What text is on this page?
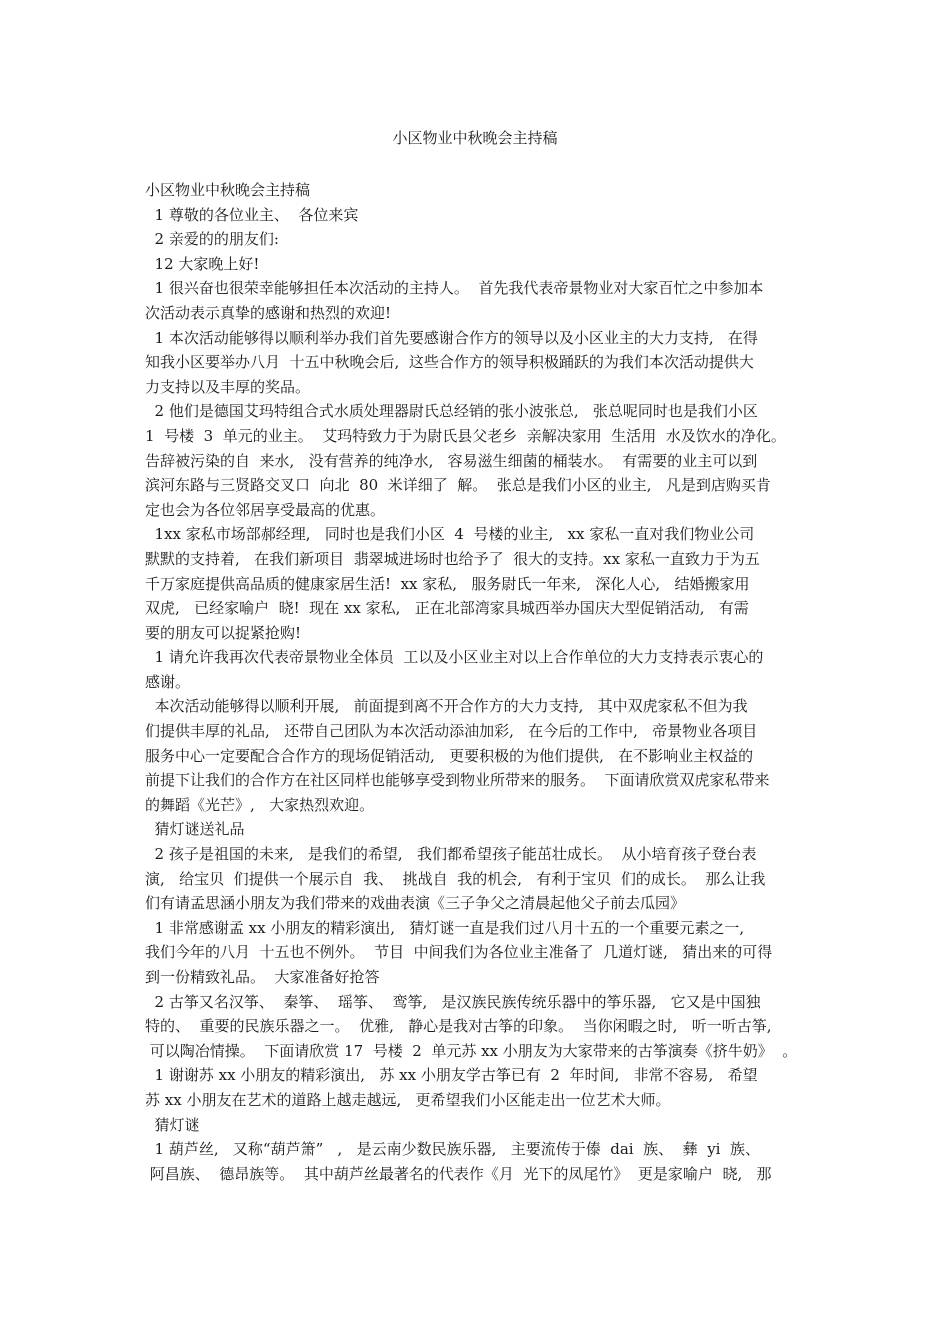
小区物业中秋晚会主持稿
小区物业中秋晚会主持稿
1 尊敬的各位业主、  各位来宾
2 亲爱的的朋友们:
12 大家晚上好!
1 很兴奋也很荣幸能够担任本次活动的主持人。  首先我代表帝景物业对大家百忙之中参加本
次活动表示真挚的感谢和热烈的欢迎!
1 本次活动能够得以顺利举办我们首先要感谢合作方的领导以及小区业主的大力支持,   在得
知我小区要举办八月  十五中秋晚会后,  这些合作方的领导积极踊跃的为我们本次活动提供大
力支持以及丰厚的奖品。
2 他们是德国艾玛特组合式水质处理器尉氏总经销的张小波张总,   张总呢同时也是我们小区
1  号楼  3  单元的业主。  艾玛特致力于为尉氏县父老乡  亲解决家用  生活用  水及饮水的净化。
告辞被污染的自  来水,   没有营养的纯净水,   容易滋生细菌的桶装水。  有需要的业主可以到
滨河东路与三贤路交叉口  向北  80  米详细了  解。  张总是我们小区的业主,   凡是到店购买肯
定也会为各位邻居享受最高的优惠。
1xx 家私市场部郝经理,   同时也是我们小区  4  号楼的业主,   xx 家私一直对我们物业公司
默默的支持着,   在我们新项目  翡翠城进场时也给予了  很大的支持。xx 家私一直致力于为五
千万家庭提供高品质的健康家居生活!  xx 家私,   服务尉氏一年来,   深化人心,   结婚搬家用
双虎,   已经家喻户  晓!  现在 xx 家私,   正在北部湾家具城西举办国庆大型促销活动,   有需
要的朋友可以捉紧抢购!
1 请允许我再次代表帝景物业全体员  工以及小区业主对以上合作单位的大力支持表示衷心的
感谢。
本次活动能够得以顺利开展,   前面提到离不开合作方的大力支持,   其中双虎家私不但为我
们提供丰厚的礼品,   还带自己团队为本次活动添油加彩,   在今后的工作中,   帝景物业各项目
服务中心一定要配合合作方的现场促销活动,   更要积极的为他们提供,   在不影响业主权益的
前提下让我们的合作方在社区同样也能够享受到物业所带来的服务。  下面请欣赏双虎家私带来
的舞蹈《光芒》,   大家热烈欢迎。
猜灯谜送礼品
2 孩子是祖国的未来,   是我们的希望,   我们都希望孩子能茁壮成长。  从小培育孩子登台表
演,   给宝贝  们提供一个展示自  我、  挑战自  我的机会,   有利于宝贝  们的成长。  那么让我
们有请孟思涵小朋友为我们带来的戏曲表演《三子争父之清晨起他父子前去瓜园》
1 非常感谢孟 xx 小朋友的精彩演出,   猜灯谜一直是我们过八月十五的一个重要元素之一,
我们今年的八月  十五也不例外。  节目  中间我们为各位业主准备了  几道灯谜,   猜出来的可得
到一份精致礼品。  大家准备好抢答
2 古筝又名汉筝、  秦筝、  瑶筝、  鸾筝,   是汉族民族传统乐器中的筝乐器,   它又是中国独
特的、  重要的民族乐器之一。  优雅,   静心是我对古筝的印象。  当你闲暇之时,   听一听古筝,
可以陶冶情操。  下面请欣赏 17  号楼  2  单元苏 xx 小朋友为大家带来的古筝演奏《挤牛奶》  。
1 谢谢苏 xx 小朋友的精彩演出,   苏 xx 小朋友学古筝已有  2  年时间,   非常不容易,   希望
苏 xx 小朋友在艺术的道路上越走越远,   更希望我们小区能走出一位艺术大师。
猜灯谜
1 葫芦丝,   又称“葫芦箫”   ,   是云南少数民族乐器,   主要流传于傣  dai  族、  彝  yi  族、
阿昌族、  德昂族等。  其中葫芦丝最著名的代表作《月  光下的凤尾竹》  更是家喻户  晓,   那
